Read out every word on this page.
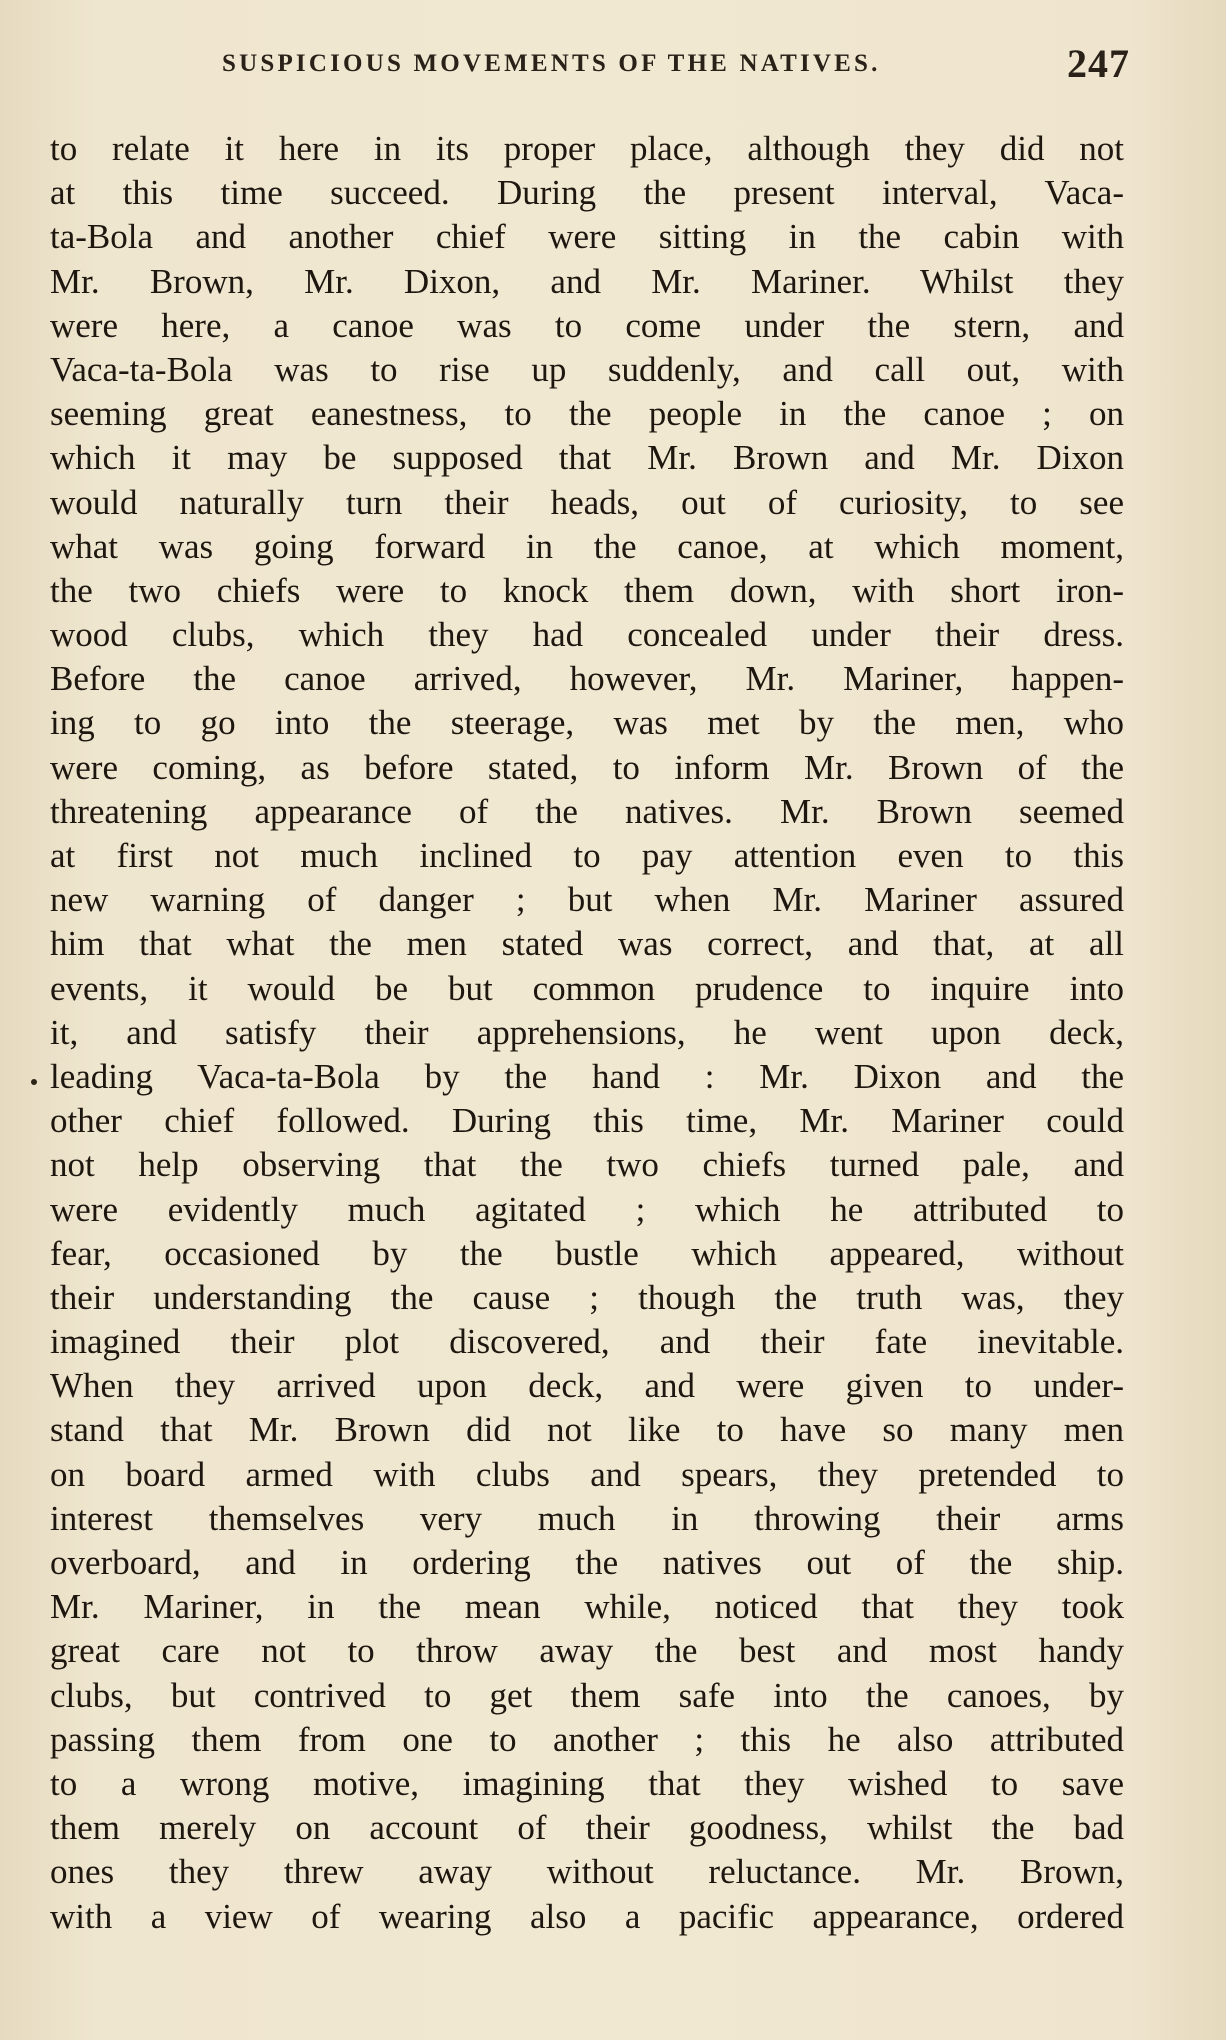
SUSPICIOUS MOVEMENTS OF THE NATIVES.	247
to relate it here in its proper place, although they did not
at this time succeed. During the present interval, Vaca-
ta-Bola and another chief were sitting in the cabin with
Mr. Brown, Mr. Dixon, and Mr. Mariner. Whilst they
were here, a canoe was to come under the stern, and
Vaca-ta-Bola was to rise up suddenly, and call out, with
seeming great eanestness, to the people in the canoe ; on
which it may be supposed that Mr. Brown and Mr. Dixon
would naturally turn their heads, out of curiosity, to see
what was going forward in the canoe, at which moment,
the two chiefs were to knock them down, with short iron-
wood clubs, which they had concealed under their dress.
Before the canoe arrived, however, Mr. Mariner, happen-
ing to go into the steerage, was met by the men, who
were coming, as before stated, to inform Mr. Brown of the
threatening appearance of the natives. Mr. Brown seemed
at first not much inclined to pay attention even to this
new warning of danger ; but when Mr. Mariner assured
him that what the men stated was correct, and that, at all
events, it would be but common prudence to inquire into
it, and satisfy their apprehensions, he went upon deck,
leading Vaca-ta-Bola by the hand : Mr. Dixon and the
other chief followed. During this time, Mr. Mariner could
not help observing that the two chiefs turned pale, and
were evidently much agitated ; which he attributed to
fear, occasioned by the bustle which appeared, without
their understanding the cause ; though the truth was, they
imagined their plot discovered, and their fate inevitable.
When they arrived upon deck, and were given to under-
stand that Mr. Brown did not like to have so many men
on board armed with clubs and spears, they pretended to
interest themselves very much in throwing their arms
overboard, and in ordering the natives out of the ship.
Mr. Mariner, in the mean while, noticed that they took
great care not to throw away the best and most handy
clubs, but contrived to get them safe into the canoes, by
passing them from one to another ; this he also attributed
to a wrong motive, imagining that they wished to save
them merely on account of their goodness, whilst the bad
ones they threw away without reluctance. Mr. Brown,
with a view of wearing also a pacific appearance, ordered
